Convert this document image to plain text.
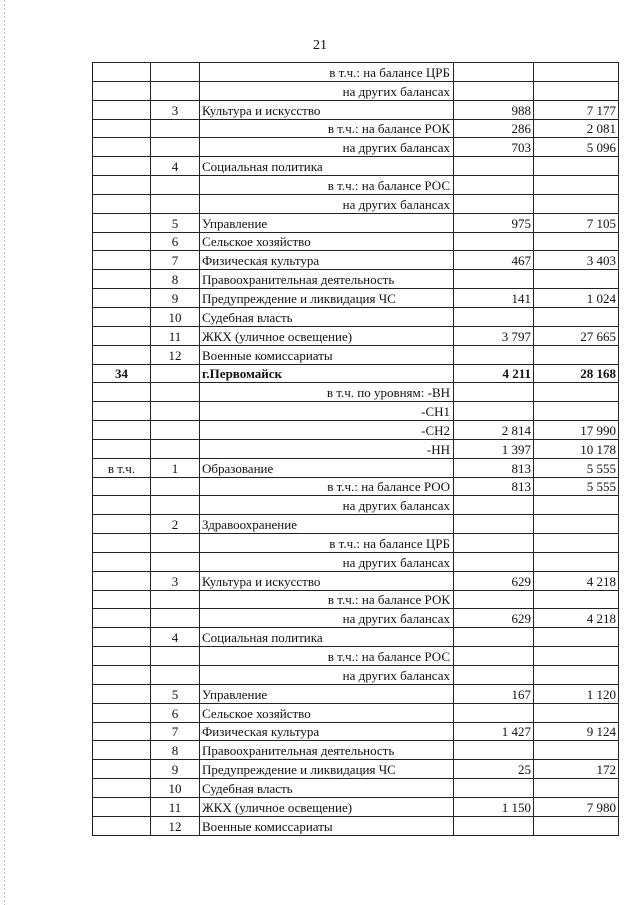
21
		в т.ч.: на балансе ЦРБ		
		на других балансах		
	3	Культура и искусство	988	7 177
		в т.ч.: на балансе РОК	286	2 081
		на других балансах	703	5 096
	4	Социальная политика		
		в т.ч.: на балансе РОС		
		на других балансах		
	5	Управление	975	7 105
	6	Сельское хозяйство		
	7	Физическая культура	467	3 403
	8	Правоохранительная деятельность		
	9	Предупреждение и ликвидация ЧС	141	1 024
	10	Судебная власть		
	11	ЖКХ (уличное освещение)	3 797	27 665
	12	Военные комиссариаты		
34		г.Первомайск	4 211	28 168
		в т.ч. по уровням: -ВН		
		-СН1		
		-СН2	2 814	17 990
		-НН	1 397	10 178
в т.ч.	1	Образование	813	5 555
		в т.ч.: на балансе РОО	813	5 555
		на других балансах		
	2	Здравоохранение		
		в т.ч.: на балансе ЦРБ		
		на других балансах		
	3	Культура и искусство	629	4 218
		в т.ч.: на балансе РОК		
		на других балансах	629	4 218
	4	Социальная политика		
		в т.ч.: на балансе РОС		
		на других балансах		
	5	Управление	167	1 120
	6	Сельское хозяйство		
	7	Физическая культура	1 427	9 124
	8	Правоохранительная деятельность		
	9	Предупреждение и ликвидация ЧС	25	172
	10	Судебная власть		
	11	ЖКХ (уличное освещение)	1 150	7 980
	12	Военные комиссариаты		
